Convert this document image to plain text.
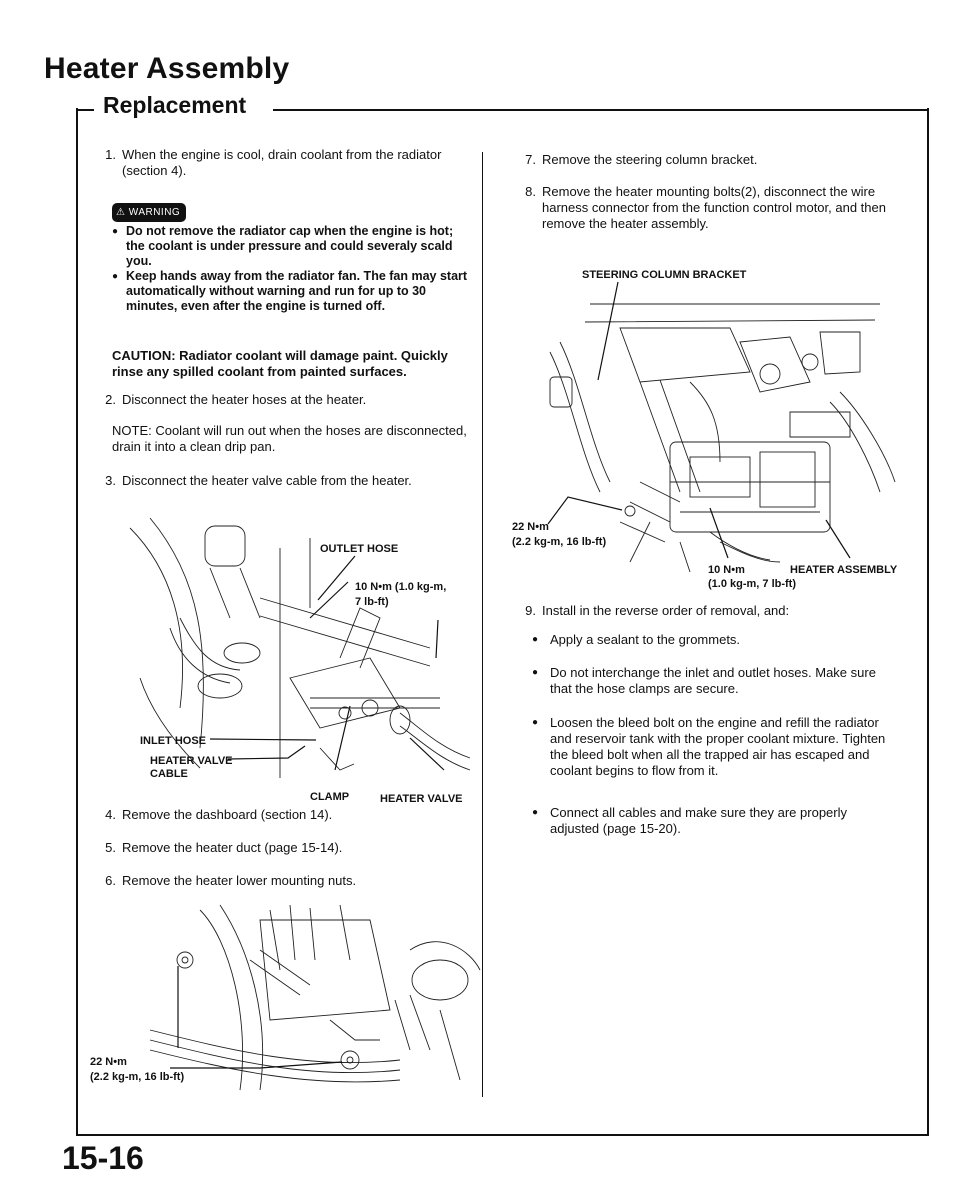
Heater Assembly
Replacement
1. When the engine is cool, drain coolant from the radiator (section 4).
⚠ WARNING
● Do not remove the radiator cap when the engine is hot; the coolant is under pressure and could severaly scald you.
● Keep hands away from the radiator fan. The fan may start automatically without warning and run for up to 30 minutes, even after the engine is turned off.
CAUTION: Radiator coolant will damage paint. Quickly rinse any spilled coolant from painted surfaces.
2. Disconnect the heater hoses at the heater.
NOTE: Coolant will run out when the hoses are disconnected, drain it into a clean drip pan.
3. Disconnect the heater valve cable from the heater.
OUTLET HOSE
10 N•m (1.0 kg-m,
7 lb-ft)
INLET HOSE
HEATER VALVE
CABLE
CLAMP	HEATER VALVE
4. Remove the dashboard (section 14).
5. Remove the heater duct (page 15-14).
6. Remove the heater lower mounting nuts.
22 N•m
(2.2 kg-m, 16 lb-ft)
7. Remove the steering column bracket.
8. Remove the heater mounting bolts(2), disconnect the wire harness connector from the function control motor, and then remove the heater assembly.
STEERING COLUMN BRACKET
22 N•m
(2.2 kg-m, 16 lb-ft)
10 N•m
(1.0 kg-m, 7 lb-ft)
HEATER ASSEMBLY
9. Install in the reverse order of removal, and:
● Apply a sealant to the grommets.
● Do not interchange the inlet and outlet hoses. Make sure that the hose clamps are secure.
● Loosen the bleed bolt on the engine and refill the radiator and reservoir tank with the proper coolant mixture. Tighten the bleed bolt when all the trapped air has escaped and coolant begins to flow from it.
● Connect all cables and make sure they are properly adjusted (page 15-20).
15-16
